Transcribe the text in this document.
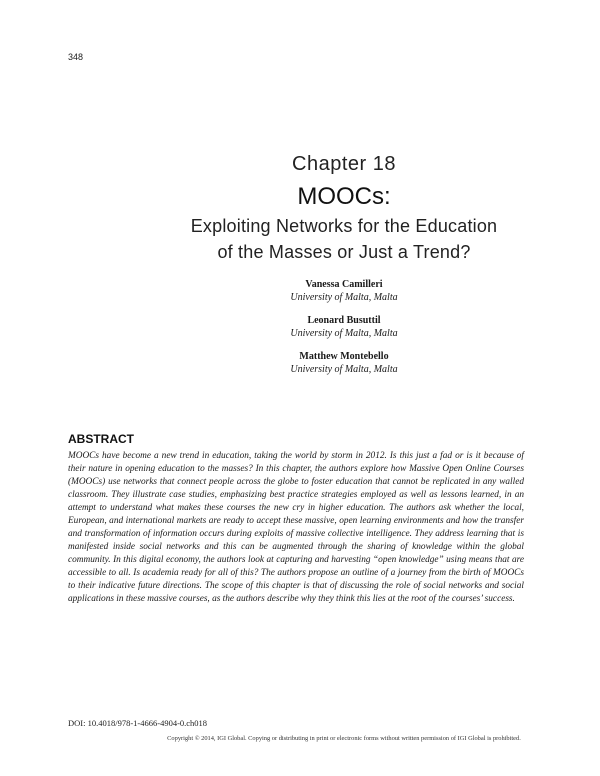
348
Chapter 18
MOOCs:
Exploiting Networks for the Education
of the Masses or Just a Trend?
Vanessa Camilleri
University of Malta, Malta
Leonard Busuttil
University of Malta, Malta
Matthew Montebello
University of Malta, Malta
ABSTRACT
MOOCs have become a new trend in education, taking the world by storm in 2012. Is this just a fad or is it because of their nature in opening education to the masses? In this chapter, the authors explore how Massive Open Online Courses (MOOCs) use networks that connect people across the globe to foster education that cannot be replicated in any walled classroom. They illustrate case studies, emphasizing best practice strategies employed as well as lessons learned, in an attempt to understand what makes these courses the new cry in higher education. The authors ask whether the local, European, and international markets are ready to accept these massive, open learning environments and how the transfer and transformation of information occurs during exploits of massive collective intelligence. They address learning that is manifested inside social networks and this can be augmented through the sharing of knowledge within the global community. In this digital economy, the authors look at capturing and harvesting “open knowledge” using means that are accessible to all. Is academia ready for all of this? The authors propose an outline of a journey from the birth of MOOCs to their indicative future directions. The scope of this chapter is that of discussing the role of social networks and social applications in these massive courses, as the authors describe why they think this lies at the root of the courses’ success.
DOI: 10.4018/978-1-4666-4904-0.ch018
Copyright © 2014, IGI Global. Copying or distributing in print or electronic forms without written permission of IGI Global is prohibited.
